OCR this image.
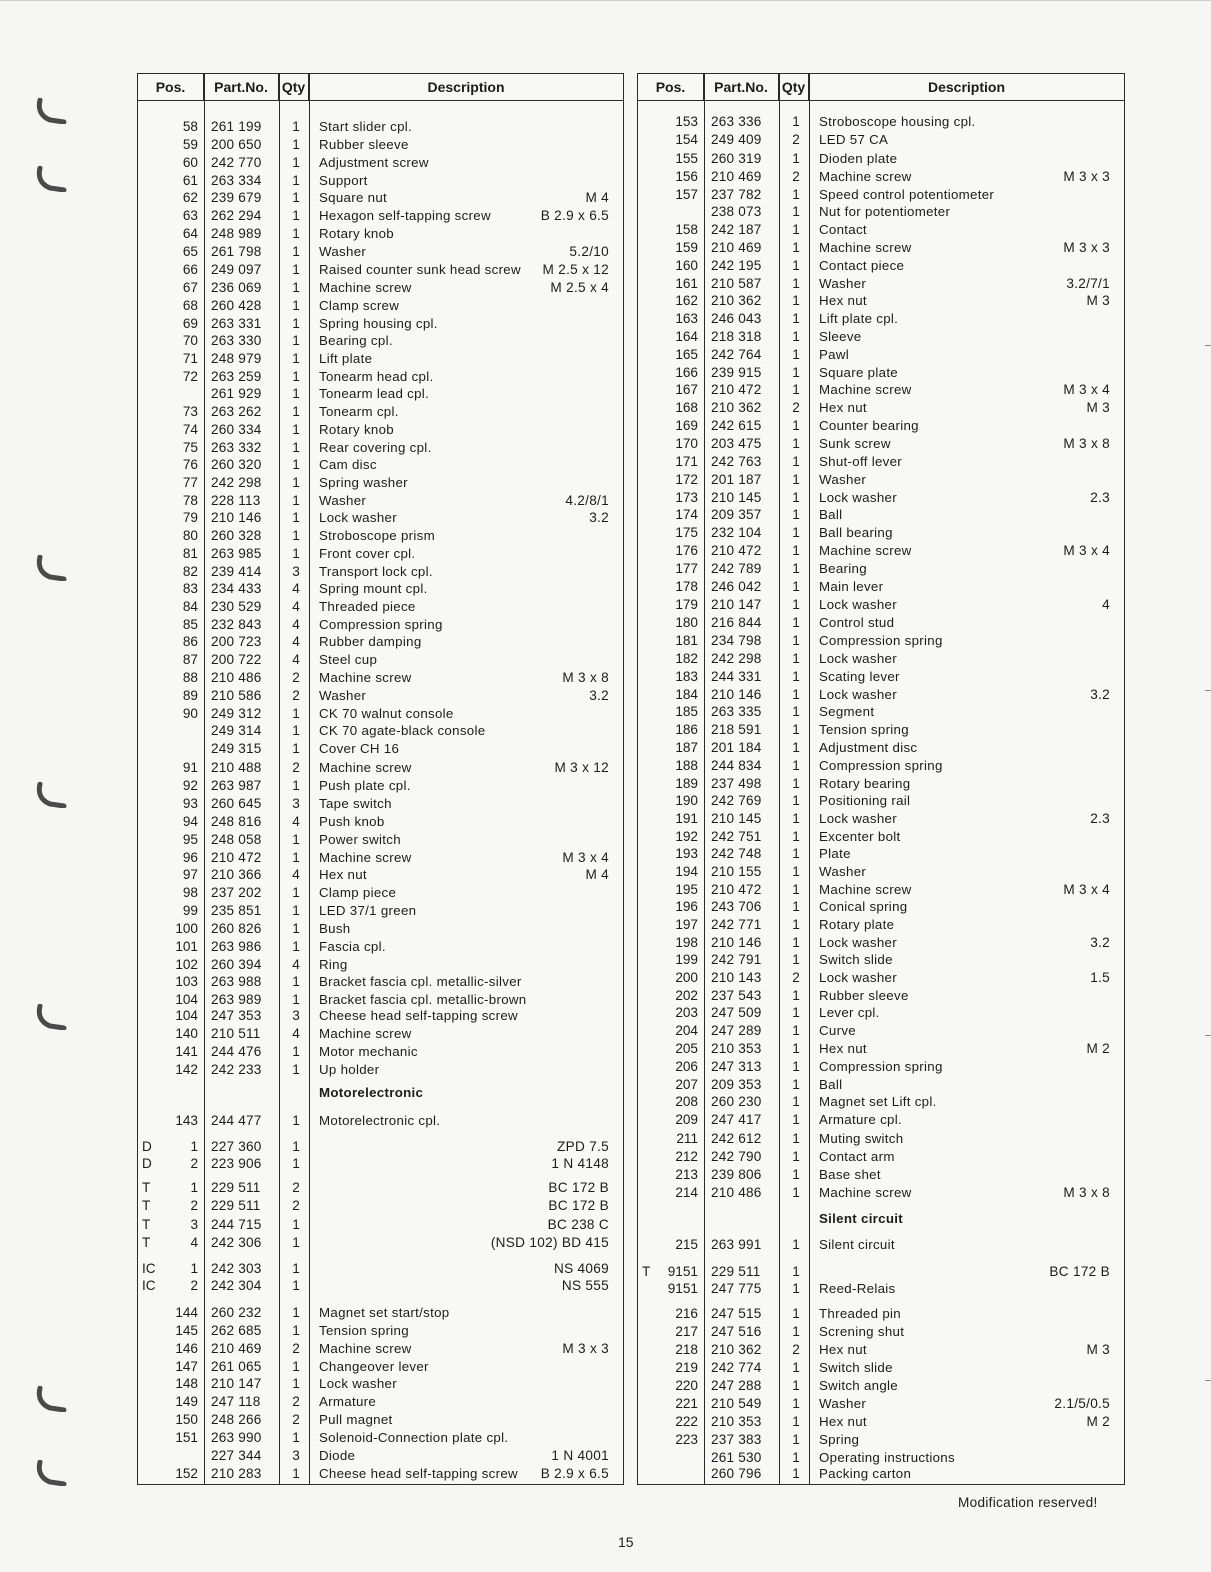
Pos.	Part.No. Qty	Description
58 261 199	1	Start slider cpl.
59 200 650	1	Rubber sleeve
60 242 770	1	Adjustment screw
61 263 334	1	Support
62 239 679	1	Square nut	M 4
63 262 294	1	Hexagon self-tapping screw	B 2.9 x 6.5
64 248 989	1	Rotary knob
65 261 798	1	Washer	5.2/10
66 249 097	1	Raised counter sunk head screw	M 2.5 x 12
67 236 069	1	Machine screw	M 2.5 x 4
68 260 428	1	Clamp screw
69 263 331	1	Spring housing cpl.
70 263 330	1	Bearing cpl.
71 248 979	1	Lift plate
72 263 259	1	Tonearm head cpl.
261 929	1	Tonearm lead cpl.
73 263 262	1	Tonearm cpl.
74 260 334	1	Rotary knob
75 263 332	1	Rear covering cpl.
76 260 320	1	Cam disc
77 242 298	1	Spring washer
78 228 113	1	Washer	4.2/8/1
79 210 146	1	Lock washer	3.2
80 260 328	1	Stroboscope prism
81 263 985	1	Front cover cpl.
82 239 414	3	Transport lock cpl.
83 234 433	4	Spring mount cpl.
84 230 529	4	Threaded piece
85 232 843	4	Compression spring
86 200 723	4	Rubber damping
87 200 722	4	Steel cup
88 210 486	2	Machine screw	M 3 x 8
89 210 586	2	Washer	3.2
90 249 312	1	CK 70 walnut console
249 314	1	CK 70 agate-black console
249 315	1	Cover CH 16
91 210 488	2	Machine screw	M 3 x 12
92 263 987	1	Push plate cpl.
93 260 645	3	Tape switch
94 248 816	4	Push knob
95 248 058	1	Power switch
96 210 472	1	Machine screw	M 3 x 4
97 210 366	4	Hex nut	M 4
98 237 202	1	Clamp piece
99 235 851	1	LED 37/1 green
100 260 826	1	Bush
101 263 986	1	Fascia cpl.
102 260 394	4	Ring
103 263 988	1	Bracket fascia cpl. metallic-silver
104 263 989	1	Bracket fascia cpl. metallic-brown
104 247 353	3	Cheese head self-tapping screw
140 210 511	4	Machine screw
141 244 476	1	Motor mechanic
142 242 233	1	Up holder
Motorelectronic
143 244 477	1	Motorelectronic cpl.
D	1 227 360	1	ZPD 7.5
D	2 223 906	1	1 N 4148
T	1 229 511	2	BC 172 B
T	2 229 511	2	BC 172 B
T	3 244 715	1	BC 238 C
T	4 242 306	1	(NSD 102) BD 415
IC	1 242 303	1	NS 4069
IC	2 242 304	1	NS 555
144 260 232	1	Magnet set start/stop
145 262 685	1	Tension spring
146 210 469	2	Machine screw	M 3 x 3
147 261 065	1	Changeover lever
148 210 147	1	Lock washer
149 247 118	2	Armature
150 248 266	2	Pull magnet
151 263 990	1	Solenoid-Connection plate cpl.
227 344	3	Diode	1 N 4001
152 210 283	1	Cheese head self-tapping screw	B 2.9 x 6.5
Pos.	Part.No. Qty	Description
153 263 336	1	Stroboscope housing cpl.
154 249 409	2	LED 57 CA
155 260 319	1	Dioden plate
156 210 469	2	Machine screw	M 3 x 3
157 237 782	1	Speed control potentiometer
238 073	1	Nut for potentiometer
158 242 187	1	Contact
159 210 469	1	Machine screw	M 3 x 3
160 242 195	1	Contact piece
161 210 587	1	Washer	3.2/7/1
162 210 362	1	Hex nut	M 3
163 246 043	1	Lift plate cpl.
164 218 318	1	Sleeve
165 242 764	1	Pawl
166 239 915	1	Square plate
167 210 472	1	Machine screw	M 3 x 4
168 210 362	2	Hex nut	M 3
169 242 615	1	Counter bearing
170 203 475	1	Sunk screw	M 3 x 8
171 242 763	1	Shut-off lever
172 201 187	1	Washer
173 210 145	1	Lock washer	2.3
174 209 357	1	Ball
175 232 104	1	Ball bearing
176 210 472	1	Machine screw	M 3 x 4
177 242 789	1	Bearing
178 246 042	1	Main lever
179 210 147	1	Lock washer	4
180 216 844	1	Control stud
181 234 798	1	Compression spring
182 242 298	1	Lock washer
183 244 331	1	Scating lever
184 210 146	1	Lock washer	3.2
185 263 335	1	Segment
186 218 591	1	Tension spring
187 201 184	1	Adjustment disc
188 244 834	1	Compression spring
189 237 498	1	Rotary bearing
190 242 769	1	Positioning rail
191 210 145	1	Lock washer	2.3
192 242 751	1	Excenter bolt
193 242 748	1	Plate
194 210 155	1	Washer
195 210 472	1	Machine screw	M 3 x 4
196 243 706	1	Conical spring
197 242 771	1	Rotary plate
198 210 146	1	Lock washer	3.2
199 242 791	1	Switch slide
200 210 143	2	Lock washer	1.5
202 237 543	1	Rubber sleeve
203 247 509	1	Lever cpl.
204 247 289	1	Curve
205 210 353	1	Hex nut	M 2
206 247 313	1	Compression spring
207 209 353	1	Ball
208 260 230	1	Magnet set Lift cpl.
209 247 417	1	Armature cpl.
211 242 612	1	Muting switch
212 242 790	1	Contact arm
213 239 806	1	Base shet
214 210 486	1	Machine screw	M 3 x 8
Silent circuit
215 263 991	1	Silent circuit
T	9151 229 511	1	BC 172 B
9151 247 775	1	Reed-Relais
216 247 515	1	Threaded pin
217 247 516	1	Screning shut
218 210 362	2	Hex nut	M 3
219 242 774	1	Switch slide
220 247 288	1	Switch angle
221 210 549	1	Washer	2.1/5/0.5
222 210 353	1	Hex nut	M 2
223 237 383	1	Spring
261 530	1	Operating instructions
260 796	1	Packing carton
Modification reserved!
15
